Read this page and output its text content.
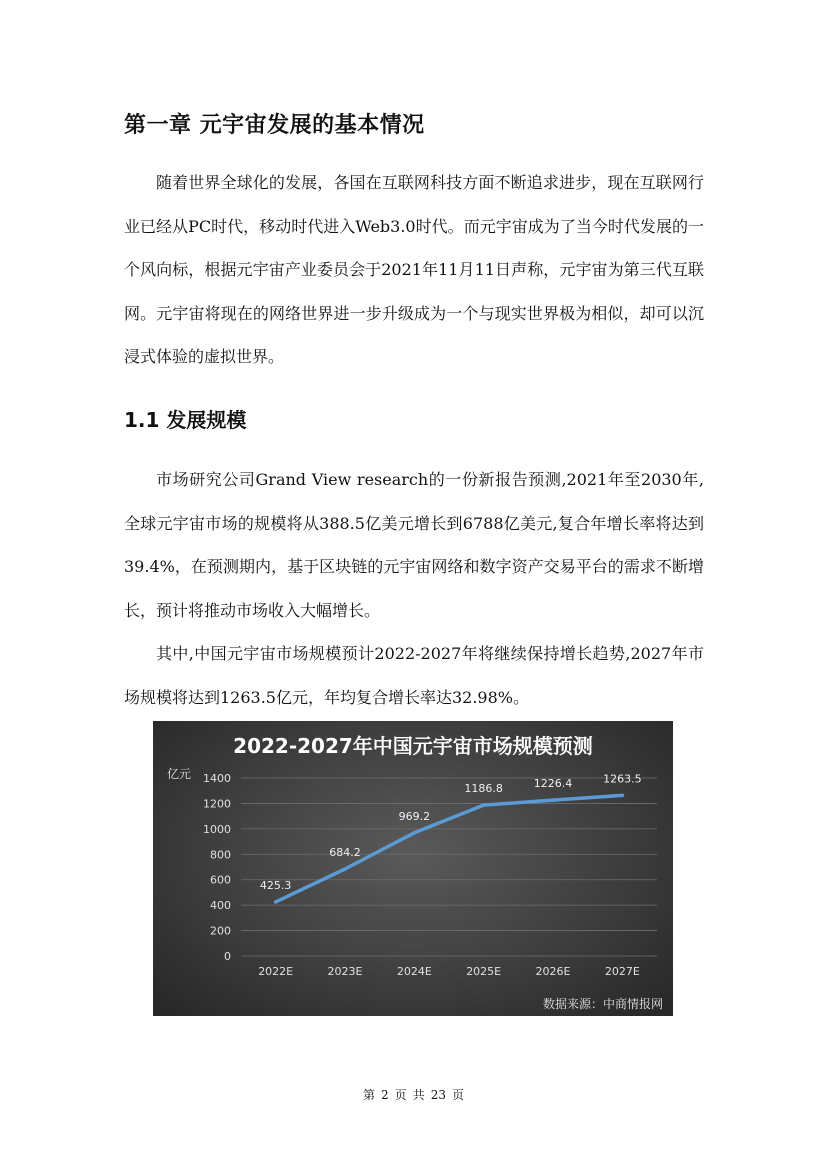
第一章 元宇宙发展的基本情况

随着世界全球化的发展，各国在互联网科技方面不断追求进步，现在互联网行业已经从PC时代，移动时代进入Web3.0时代。而元宇宙成为了当今时代发展的一个风向标，根据元宇宙产业委员会于2021年11月11日声称，元宇宙为第三代互联网。元宇宙将现在的网络世界进一步升级成为一个与现实世界极为相似，却可以沉浸式体验的虚拟世界。

1.1 发展规模

市场研究公司Grand View research的一份新报告预测,2021年至2030年,全球元宇宙市场的规模将从388.5亿美元增长到6788亿美元,复合年增长率将达到39.4%，在预测期内，基于区块链的元宇宙网络和数字资产交易平台的需求不断增长，预计将推动市场收入大幅增长。

其中,中国元宇宙市场规模预计2022-2027年将继续保持增长趋势,2027年市场规模将达到1263.5亿元，年均复合增长率达32.98%。

2022-2027年中国元宇宙市场规模预测
亿元
数据来源：中商情报网
0
200
400
600
800
1000
1200
1400
2022E	2023E	2024E	2025E	2026E	2027E
425.3
684.2
969.2
1186.8	1226.4	1263.5
第 2 页 共 23 页
